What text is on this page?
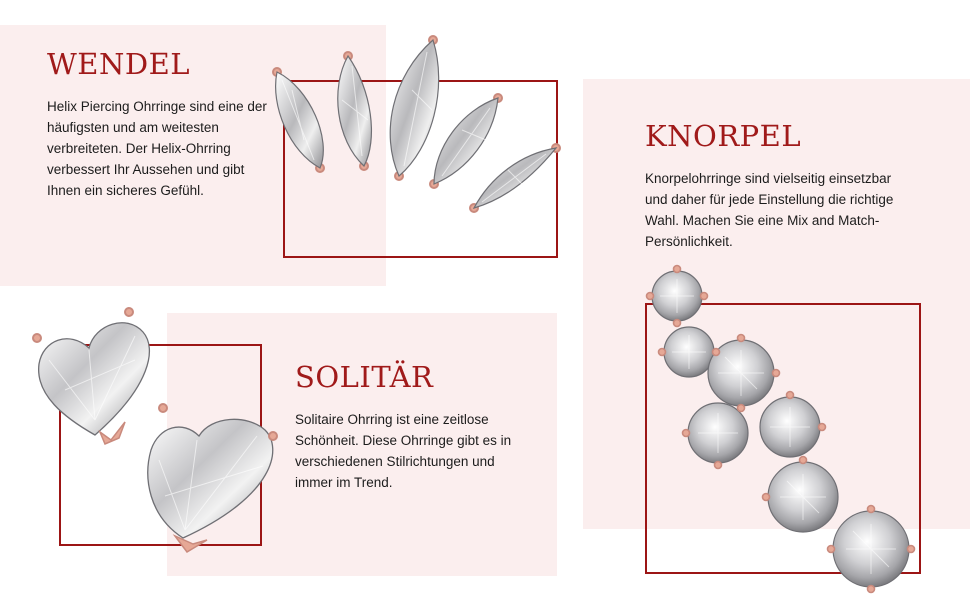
WENDEL

Helix Piercing Ohrringe sind eine der häufigsten und am weitesten verbreiteten. Der Helix-Ohrring verbessert Ihr Aussehen und gibt Ihnen ein sicheres Gefühl.

SOLITÄR

Solitaire Ohrring ist eine zeitlose Schönheit. Diese Ohrringe gibt es in verschiedenen Stilrichtungen und immer im Trend.

KNORPEL

Knorpelohrringe sind vielseitig einsetzbar und daher für jede Einstellung die richtige Wahl. Machen Sie eine Mix and Match-Persönlichkeit.
